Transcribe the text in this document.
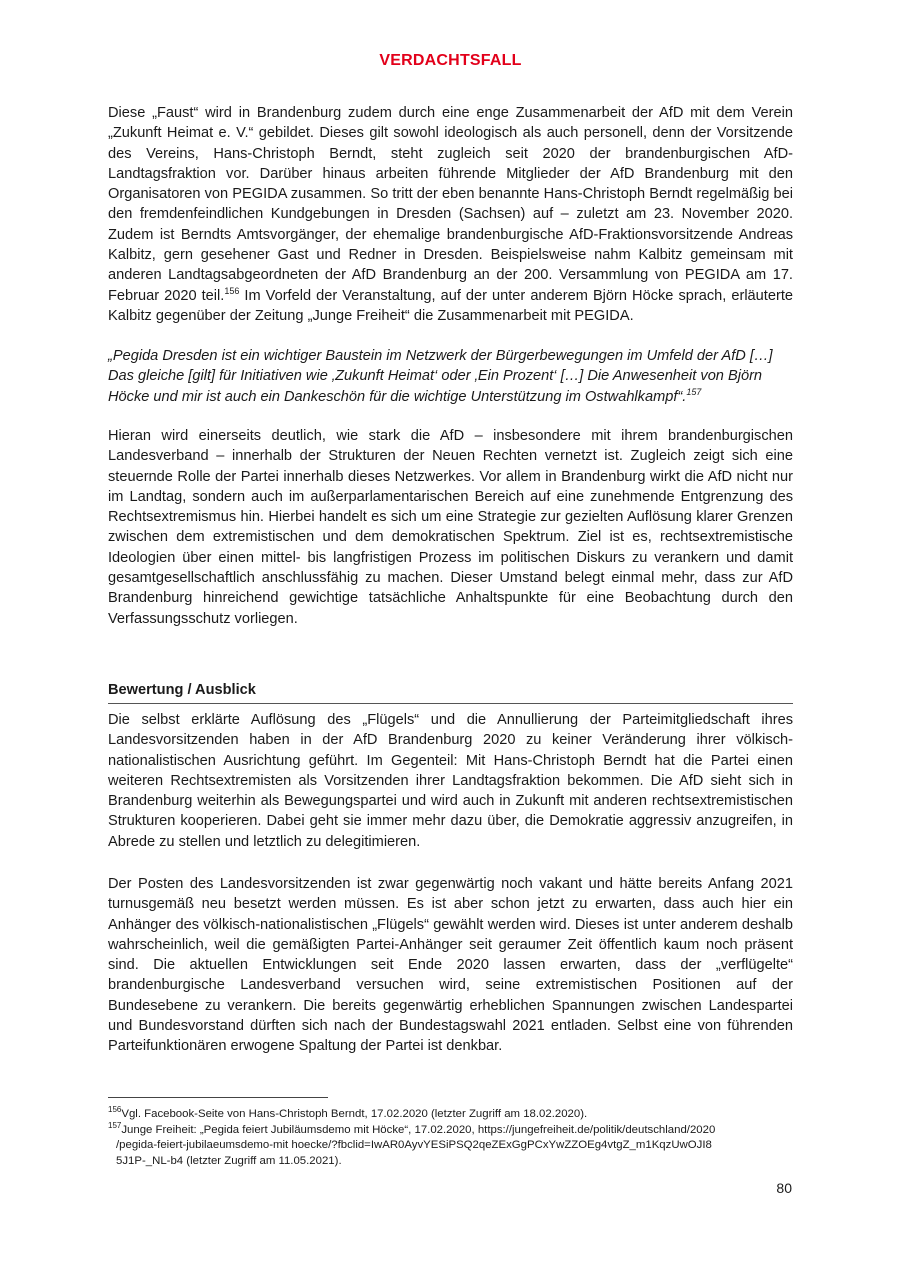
VERDACHTSFALL
Diese „Faust“ wird in Brandenburg zudem durch eine enge Zusammenarbeit der AfD mit dem Verein „Zukunft Heimat e. V.“ gebildet. Dieses gilt sowohl ideologisch als auch personell, denn der Vorsitzende des Vereins, Hans-Christoph Berndt, steht zugleich seit 2020 der brandenburgischen AfD-Landtagsfraktion vor. Darüber hinaus arbeiten führende Mitglieder der AfD Brandenburg mit den Organisatoren von PEGIDA zusammen. So tritt der eben benannte Hans-Christoph Berndt regelmäßig bei den fremdenfeindlichen Kundgebungen in Dresden (Sachsen) auf – zuletzt am 23. November 2020. Zudem ist Berndts Amtsvorgänger, der ehemalige brandenburgische AfD-Fraktionsvorsitzende Andreas Kalbitz, gern gesehener Gast und Redner in Dresden. Beispielsweise nahm Kalbitz gemeinsam mit anderen Landtagsabgeordneten der AfD Brandenburg an der 200. Versammlung von PEGIDA am 17. Februar 2020 teil.$^{156}$ Im Vorfeld der Veranstaltung, auf der unter anderem Björn Höcke sprach, erläuterte Kalbitz gegenüber der Zeitung „Junge Freiheit“ die Zusammenarbeit mit PEGIDA.
„Pegida Dresden ist ein wichtiger Baustein im Netzwerk der Bürgerbewegungen im Umfeld der AfD […] Das gleiche [gilt] für Initiativen wie ‚Zukunft Heimat‘ oder ‚Ein Prozent‘ […] Die Anwesenheit von Björn Höcke und mir ist auch ein Dankeschön für die wichtige Unterstützung im Ostwahlkampf“.$^{157}$
Hieran wird einerseits deutlich, wie stark die AfD – insbesondere mit ihrem brandenburgischen Landesverband – innerhalb der Strukturen der Neuen Rechten vernetzt ist. Zugleich zeigt sich eine steuernde Rolle der Partei innerhalb dieses Netzwerkes. Vor allem in Brandenburg wirkt die AfD nicht nur im Landtag, sondern auch im außerparlamentarischen Bereich auf eine zunehmende Entgrenzung des Rechtsextremismus hin. Hierbei handelt es sich um eine Strategie zur gezielten Auflösung klarer Grenzen zwischen dem extremistischen und dem demokratischen Spektrum. Ziel ist es, rechtsextremistische Ideologien über einen mittel- bis langfristigen Prozess im politischen Diskurs zu verankern und damit gesamtgesellschaftlich anschlussfähig zu machen. Dieser Umstand belegt einmal mehr, dass zur AfD Brandenburg hinreichend gewichtige tatsächliche Anhaltspunkte für eine Beobachtung durch den Verfassungsschutz vorliegen.
Bewertung / Ausblick
Die selbst erklärte Auflösung des „Flügels“ und die Annullierung der Parteimitgliedschaft ihres Landesvorsitzenden haben in der AfD Brandenburg 2020 zu keiner Veränderung ihrer völkisch-nationalistischen Ausrichtung geführt. Im Gegenteil: Mit Hans-Christoph Berndt hat die Partei einen weiteren Rechtsextremisten als Vorsitzenden ihrer Landtagsfraktion bekommen. Die AfD sieht sich in Brandenburg weiterhin als Bewegungspartei und wird auch in Zukunft mit anderen rechtsextremistischen Strukturen kooperieren. Dabei geht sie immer mehr dazu über, die Demokratie aggressiv anzugreifen, in Abrede zu stellen und letztlich zu delegitimieren.
Der Posten des Landesvorsitzenden ist zwar gegenwärtig noch vakant und hätte bereits Anfang 2021 turnusgemäß neu besetzt werden müssen. Es ist aber schon jetzt zu erwarten, dass auch hier ein Anhänger des völkisch-nationalistischen „Flügels“ gewählt werden wird. Dieses ist unter anderem deshalb wahrscheinlich, weil die gemäßigten Partei-Anhänger seit geraumer Zeit öffentlich kaum noch präsent sind. Die aktuellen Entwicklungen seit Ende 2020 lassen erwarten, dass der „verflügelte“ brandenburgische Landesverband versuchen wird, seine extremistischen Positionen auf der Bundesebene zu verankern. Die bereits gegenwärtig erheblichen Spannungen zwischen Landespartei und Bundesvorstand dürften sich nach der Bundestagswahl 2021 entladen. Selbst eine von führenden Parteifunktionären erwogene Spaltung der Partei ist denkbar.
$^{156}$Vgl. Facebook-Seite von Hans-Christoph Berndt, 17.02.2020 (letzter Zugriff am 18.02.2020).
$^{157}$Junge Freiheit: „Pegida feiert Jubiläumsdemo mit Höcke“, 17.02.2020, https://jungefreiheit.de/politik/deutschland/2020
/pegida-feiert-jubilaeumsdemo-mit hoecke/?fbclid=IwAR0AyvYESiPSQ2qeZExGgPCxYwZZOEg4vtgZ_m1KqzUwOJI8
5J1P-_NL-b4 (letzter Zugriff am 11.05.2021).
80
